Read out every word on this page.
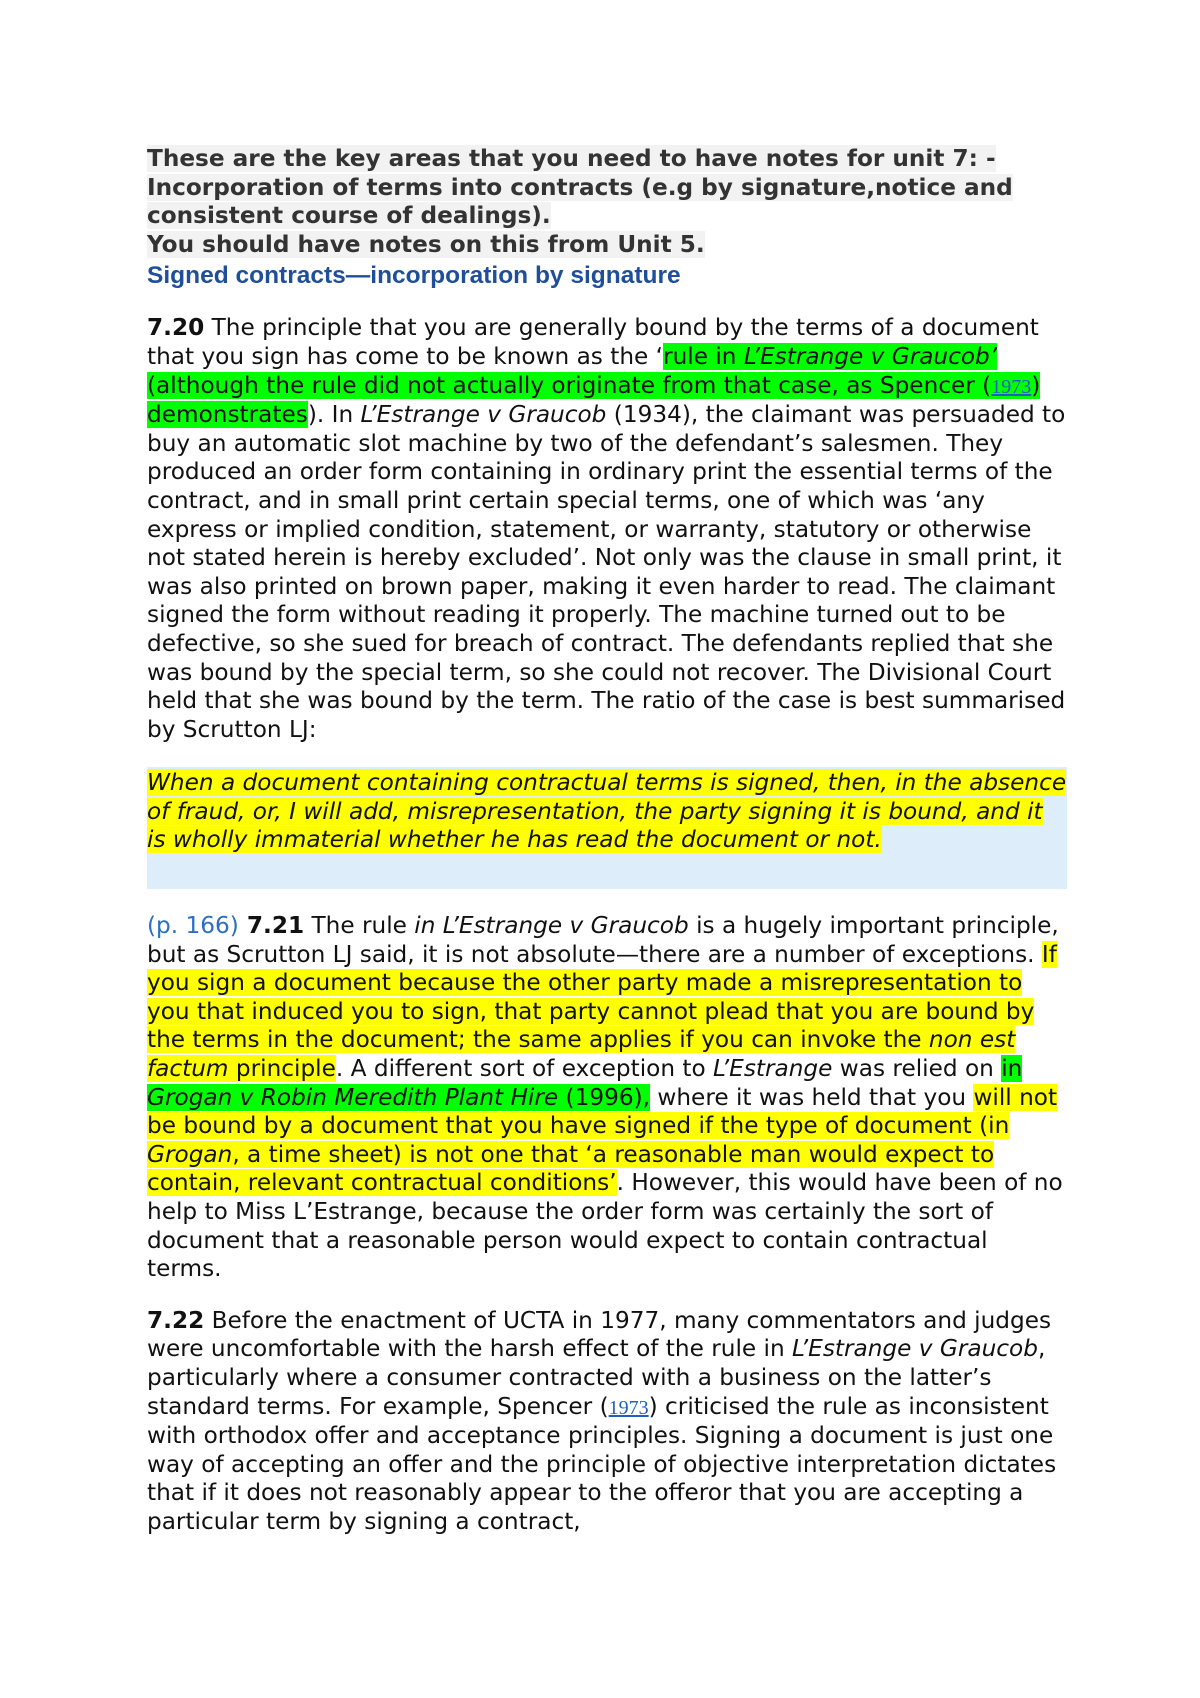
These are the key areas that you need to have notes for unit 7: -
Incorporation of terms into contracts (e.g by signature,notice and consistent course of dealings).
You should have notes on this from Unit 5.
Signed contracts—incorporation by signature

7.20 The principle that you are generally bound by the terms of a document that you sign has come to be known as the ‘rule in L’Estrange v Graucob’ (although the rule did not actually originate from that case, as Spencer (1973) demonstrates). In L’Estrange v Graucob (1934), the claimant was persuaded to buy an automatic slot machine by two of the defendant’s salesmen. They produced an order form containing in ordinary print the essential terms of the contract, and in small print certain special terms, one of which was ‘any express or implied condition, statement, or warranty, statutory or otherwise not stated herein is hereby excluded’. Not only was the clause in small print, it was also printed on brown paper, making it even harder to read. The claimant signed the form without reading it properly. The machine turned out to be defective, so she sued for breach of contract. The defendants replied that she was bound by the special term, so she could not recover. The Divisional Court held that she was bound by the term. The ratio of the case is best summarised by Scrutton LJ:

When a document containing contractual terms is signed, then, in the absence of fraud, or, I will add, misrepresentation, the party signing it is bound, and it is wholly immaterial whether he has read the document or not.

(p. 166) 7.21 The rule in L’Estrange v Graucob is a hugely important principle, but as Scrutton LJ said, it is not absolute—there are a number of exceptions. If you sign a document because the other party made a misrepresentation to you that induced you to sign, that party cannot plead that you are bound by the terms in the document; the same applies if you can invoke the non est factum principle. A different sort of exception to L’Estrange was relied on in Grogan v Robin Meredith Plant Hire (1996), where it was held that you will not be bound by a document that you have signed if the type of document (in Grogan, a time sheet) is not one that ‘a reasonable man would expect to contain, relevant contractual conditions’. However, this would have been of no help to Miss L’Estrange, because the order form was certainly the sort of document that a reasonable person would expect to contain contractual terms.

7.22 Before the enactment of UCTA in 1977, many commentators and judges were uncomfortable with the harsh effect of the rule in L’Estrange v Graucob, particularly where a consumer contracted with a business on the latter’s standard terms. For example, Spencer (1973) criticised the rule as inconsistent with orthodox offer and acceptance principles. Signing a document is just one way of accepting an offer and the principle of objective interpretation dictates that if it does not reasonably appear to the offeror that you are accepting a particular term by signing a contract,
